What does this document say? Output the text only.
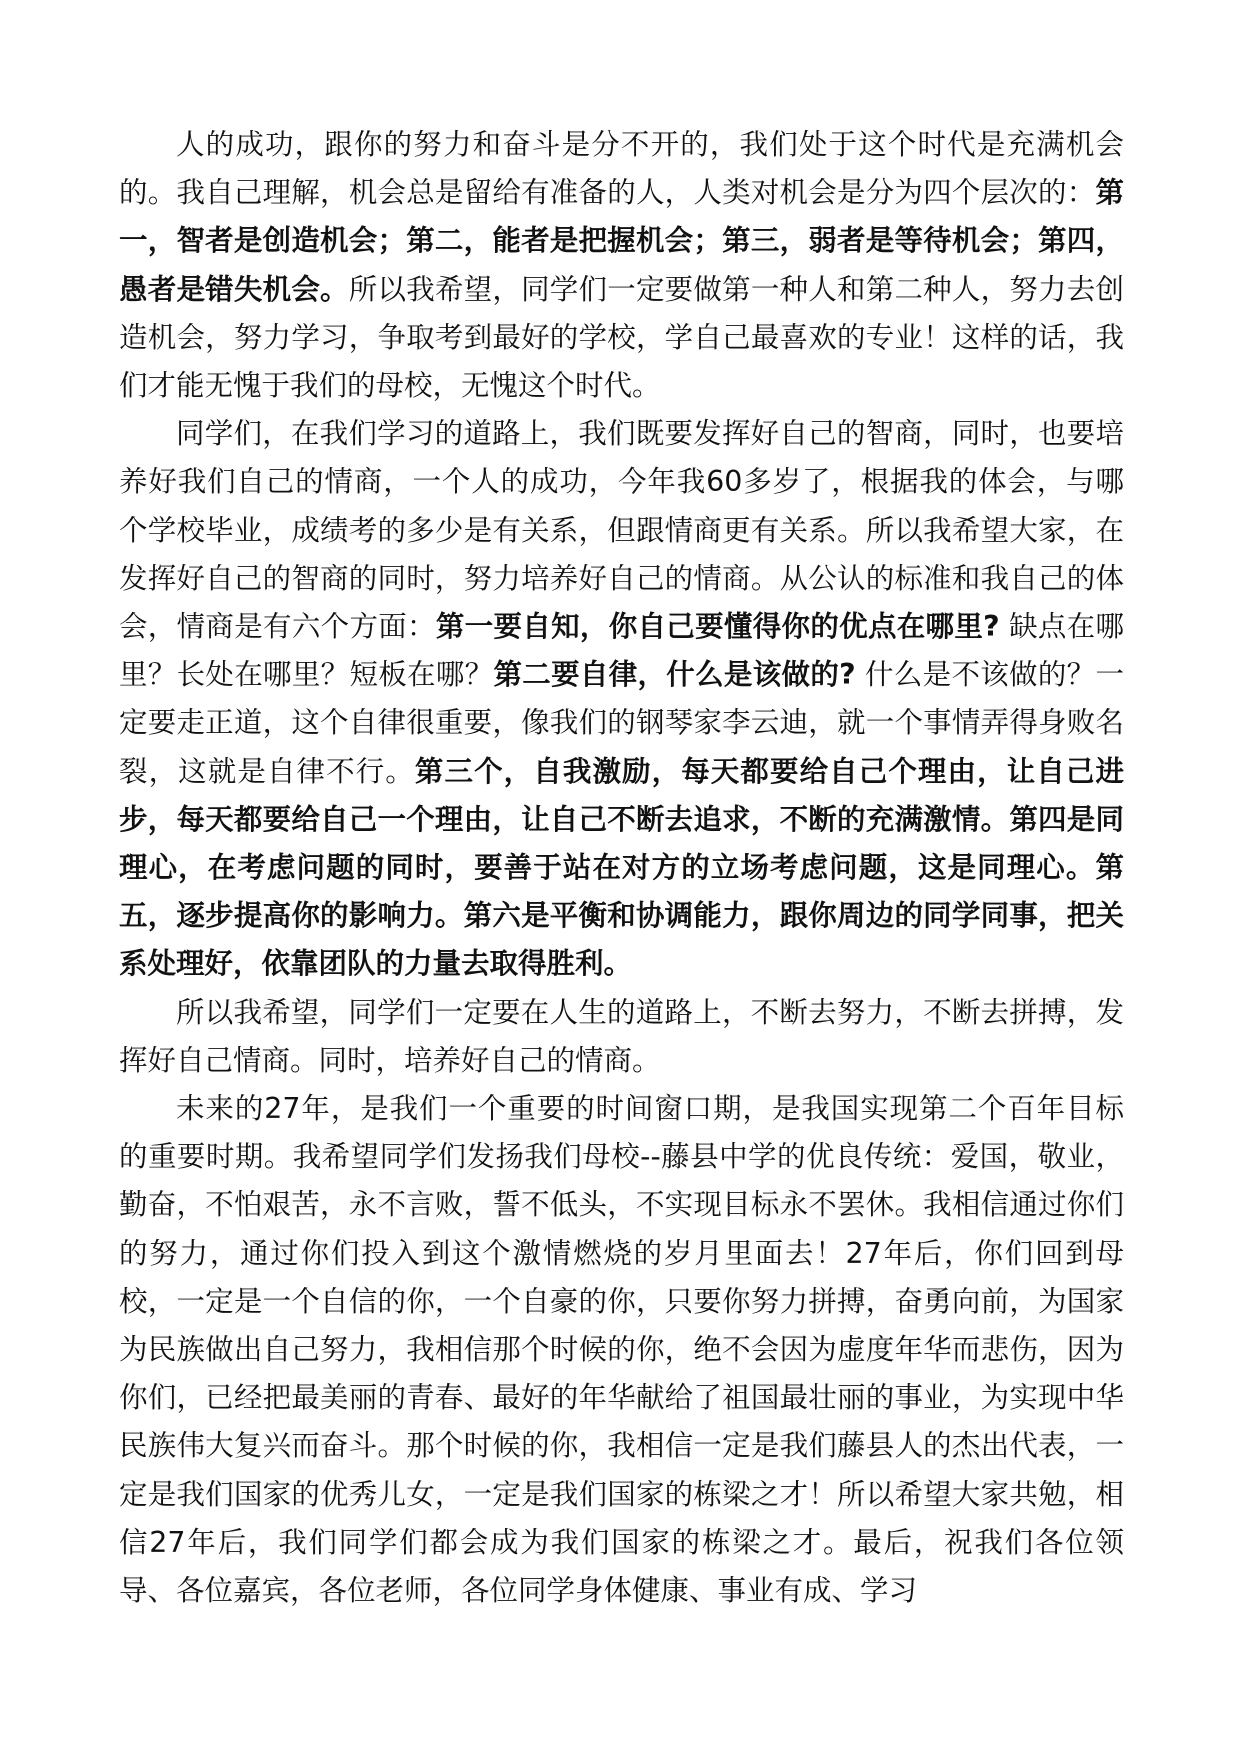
人的成功，跟你的努力和奋斗是分不开的，我们处于这个时代是充满机会的。我自己理解，机会总是留给有准备的人，人类对机会是分为四个层次的：第一，智者是创造机会；第二，能者是把握机会；第三，弱者是等待机会；第四，愚者是错失机会。所以我希望，同学们一定要做第一种人和第二种人，努力去创造机会，努力学习，争取考到最好的学校，学自己最喜欢的专业！这样的话，我们才能无愧于我们的母校，无愧这个时代。

同学们，在我们学习的道路上，我们既要发挥好自己的智商，同时，也要培养好我们自己的情商，一个人的成功，今年我60多岁了，根据我的体会，与哪个学校毕业，成绩考的多少是有关系，但跟情商更有关系。所以我希望大家，在发挥好自己的智商的同时，努力培养好自己的情商。从公认的标准和我自己的体会，情商是有六个方面：第一要自知，你自己要懂得你的优点在哪里? 缺点在哪里？长处在哪里？短板在哪？第二要自律，什么是该做的? 什么是不该做的？一定要走正道，这个自律很重要，像我们的钢琴家李云迪，就一个事情弄得身败名裂，这就是自律不行。第三个，自我激励，每天都要给自己个理由，让自己进步，每天都要给自己一个理由，让自己不断去追求，不断的充满激情。第四是同理心，在考虑问题的同时，要善于站在对方的立场考虑问题，这是同理心。第五，逐步提高你的影响力。第六是平衡和协调能力，跟你周边的同学同事，把关系处理好，依靠团队的力量去取得胜利。

所以我希望，同学们一定要在人生的道路上，不断去努力，不断去拼搏，发挥好自己情商。同时，培养好自己的情商。

未来的27年，是我们一个重要的时间窗口期，是我国实现第二个百年目标的重要时期。我希望同学们发扬我们母校--藤县中学的优良传统：爱国，敬业，勤奋，不怕艰苦，永不言败，誓不低头，不实现目标永不罢休。我相信通过你们的努力，通过你们投入到这个激情燃烧的岁月里面去！27年后，你们回到母校，一定是一个自信的你，一个自豪的你，只要你努力拼搏，奋勇向前，为国家为民族做出自己努力，我相信那个时候的你，绝不会因为虚度年华而悲伤，因为你们，已经把最美丽的青春、最好的年华献给了祖国最壮丽的事业，为实现中华民族伟大复兴而奋斗。那个时候的你，我相信一定是我们藤县人的杰出代表，一定是我们国家的优秀儿女，一定是我们国家的栋梁之才！所以希望大家共勉，相信27年后，我们同学们都会成为我们国家的栋梁之才。最后，祝我们各位领导、各位嘉宾，各位老师，各位同学身体健康、事业有成、学习
